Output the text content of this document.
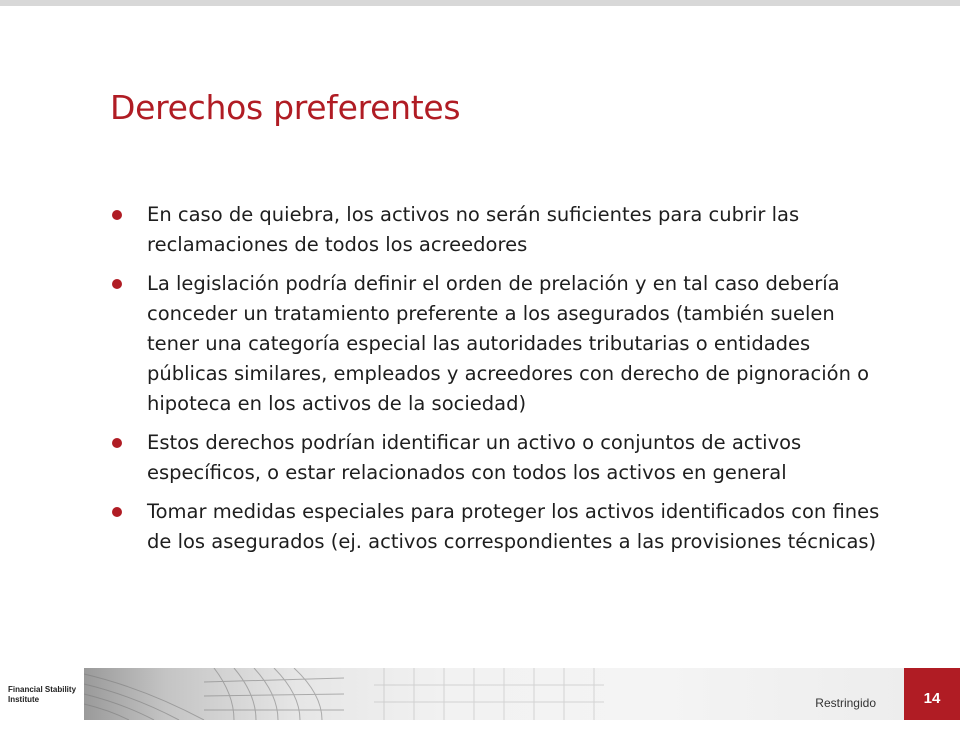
Derechos preferentes
En caso de quiebra, los activos no serán suficientes para cubrir las reclamaciones de todos los acreedores
La legislación podría definir el orden de prelación y en tal caso debería conceder un tratamiento preferente a los asegurados (también suelen tener una categoría especial las autoridades tributarias o entidades públicas similares, empleados y acreedores con derecho de pignoración o hipoteca en los activos de la sociedad)
Estos derechos podrían identificar un activo o conjuntos de activos específicos, o estar relacionados con todos los activos en general
Tomar medidas especiales para proteger los activos identificados con fines de los asegurados (ej. activos correspondientes a las provisiones técnicas)
Financial Stability
Institute	Restringido	14
